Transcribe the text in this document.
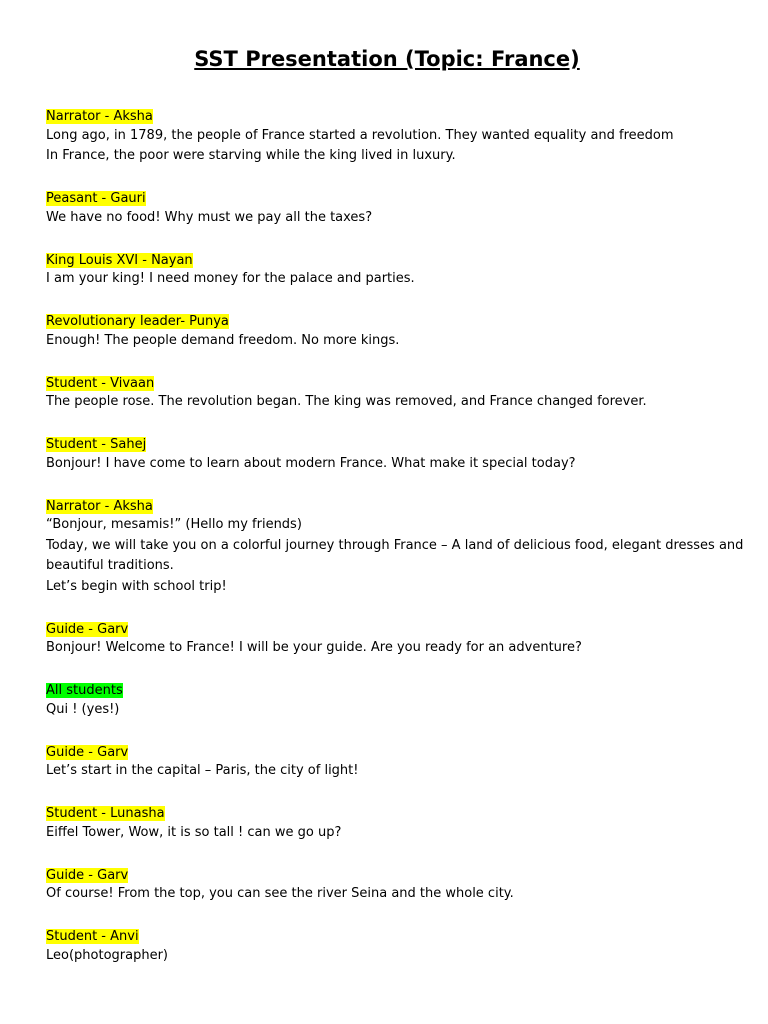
SST Presentation (Topic: France)
Narrator - Aksha

Long ago, in 1789, the people of France started a revolution. They wanted equality and freedom

In France, the poor were starving while the king lived in luxury.

Peasant - Gauri

We have no food! Why must we pay all the taxes?

King Louis XVI - Nayan

I am your king! I need money for the palace and parties.

Revolutionary leader- Punya

Enough! The people demand freedom. No more kings.

Student - Vivaan

The people rose. The revolution began. The king was removed, and France changed forever.

Student - Sahej

Bonjour! I have come to learn about modern France. What make it special today?

Narrator - Aksha

“Bonjour, mesamis!” (Hello my friends)

Today, we will take you on a colorful journey through France – A land of delicious food, elegant dresses and

beautiful traditions.

Let’s begin with school trip!

Guide - Garv

Bonjour! Welcome to France! I will be your guide. Are you ready for an adventure?

All students

Qui ! (yes!)

Guide - Garv

Let’s start in the capital – Paris, the city of light!

Student - Lunasha

Eiffel Tower, Wow, it is so tall ! can we go up?

Guide - Garv

Of course! From the top, you can see the river Seina and the whole city.

Student - Anvi

Leo(photographer)
